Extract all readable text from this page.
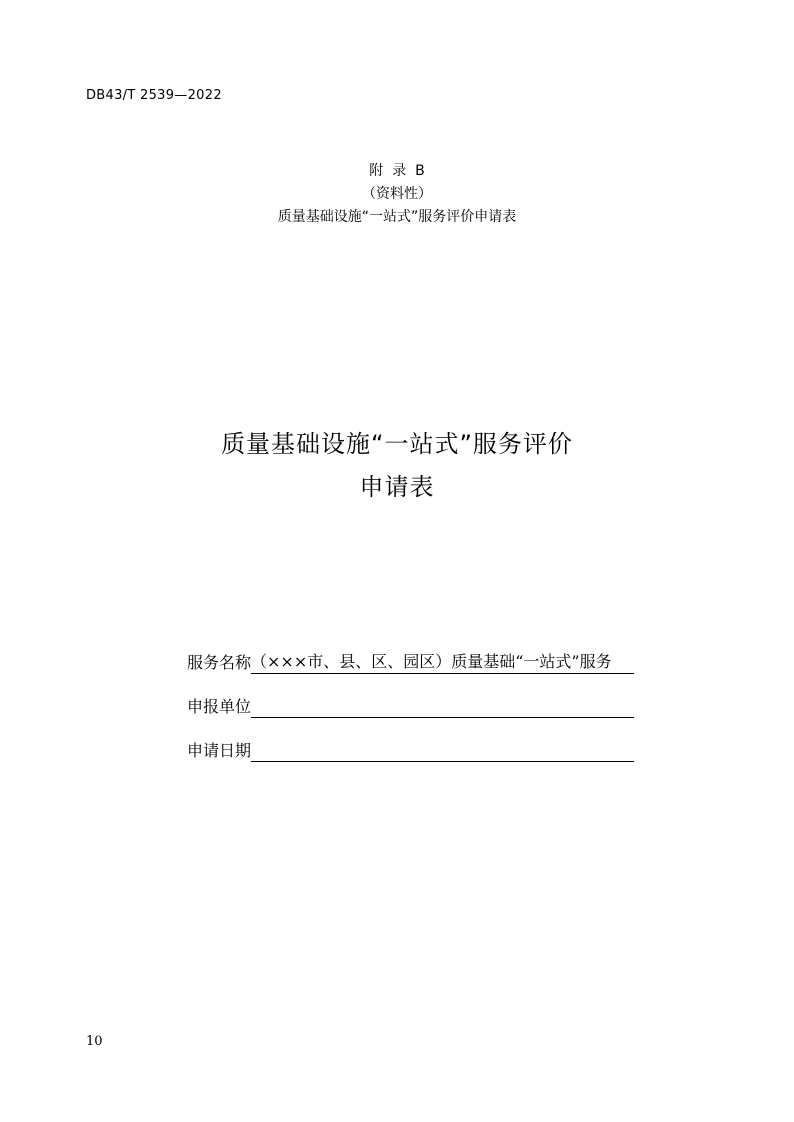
DB43/T 2539—2022
附  录  B
（资料性）
质量基础设施“一站式”服务评价申请表
质量基础设施“一站式”服务评价
申请表
服务名称 （×××市、县、区、园区）质量基础“一站式”服务
申报单位
申请日期
10
